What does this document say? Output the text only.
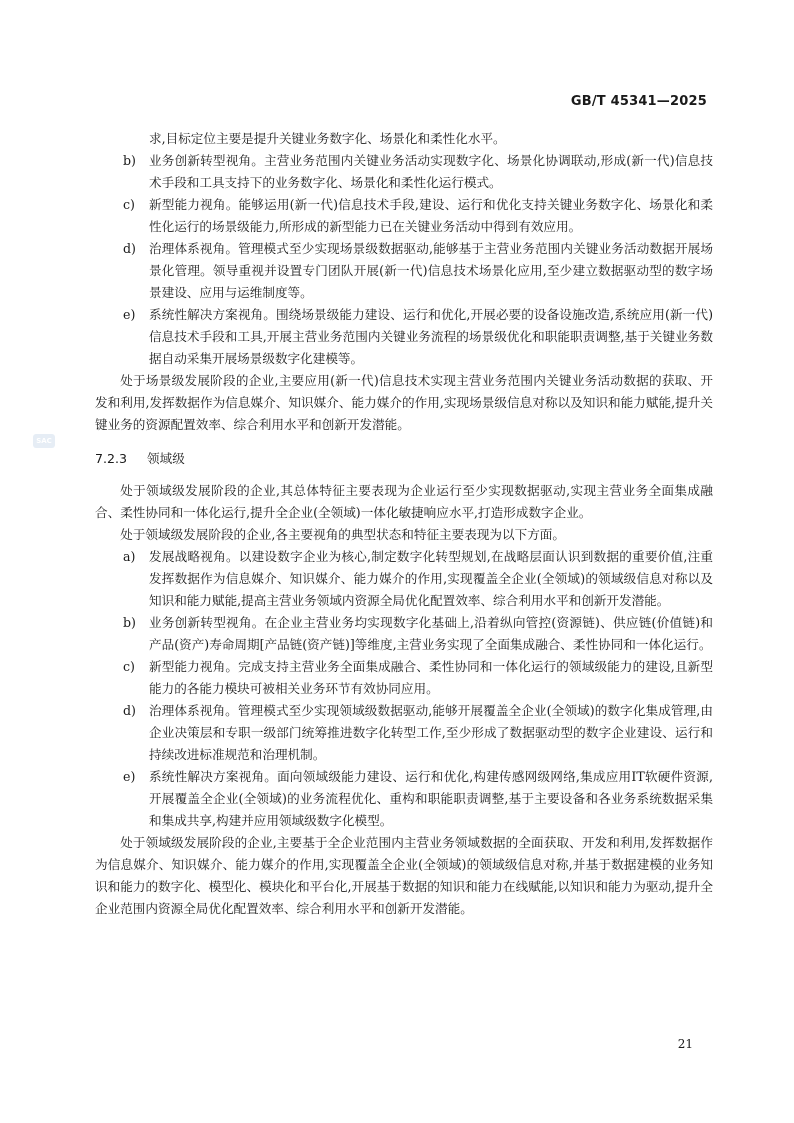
GB/T 45341—2025
SAC

求,目标定位主要是提升关键业务数字化、场景化和柔性化水平。

b) 业务创新转型视角。主营业务范围内关键业务活动实现数字化、场景化协调联动,形成(新一代)信息技术手段和工具支持下的业务数字化、场景化和柔性化运行模式。
c) 新型能力视角。能够运用(新一代)信息技术手段,建设、运行和优化支持关键业务数字化、场景化和柔性化运行的场景级能力,所形成的新型能力已在关键业务活动中得到有效应用。
d) 治理体系视角。管理模式至少实现场景级数据驱动,能够基于主营业务范围内关键业务活动数据开展场景化管理。领导重视并设置专门团队开展(新一代)信息技术场景化应用,至少建立数据驱动型的数字场景建设、应用与运维制度等。
e) 系统性解决方案视角。围绕场景级能力建设、运行和优化,开展必要的设备设施改造,系统应用(新一代)信息技术手段和工具,开展主营业务范围内关键业务流程的场景级优化和职能职责调整,基于关键业务数据自动采集开展场景级数字化建模等。

处于场景级发展阶段的企业,主要应用(新一代)信息技术实现主营业务范围内关键业务活动数据的获取、开发和利用,发挥数据作为信息媒介、知识媒介、能力媒介的作用,实现场景级信息对称以及知识和能力赋能,提升关键业务的资源配置效率、综合利用水平和创新开发潜能。

7.2.3 领域级

处于领域级发展阶段的企业,其总体特征主要表现为企业运行至少实现数据驱动,实现主营业务全面集成融合、柔性协同和一体化运行,提升全企业(全领域)一体化敏捷响应水平,打造形成数字企业。

处于领域级发展阶段的企业,各主要视角的典型状态和特征主要表现为以下方面。

a) 发展战略视角。以建设数字企业为核心,制定数字化转型规划,在战略层面认识到数据的重要价值,注重发挥数据作为信息媒介、知识媒介、能力媒介的作用,实现覆盖全企业(全领域)的领域级信息对称以及知识和能力赋能,提高主营业务领域内资源全局优化配置效率、综合利用水平和创新开发潜能。
b) 业务创新转型视角。在企业主营业务均实现数字化基础上,沿着纵向管控(资源链)、供应链(价值链)和产品(资产)寿命周期[产品链(资产链)]等维度,主营业务实现了全面集成融合、柔性协同和一体化运行。
c) 新型能力视角。完成支持主营业务全面集成融合、柔性协同和一体化运行的领域级能力的建设,且新型能力的各能力模块可被相关业务环节有效协同应用。
d) 治理体系视角。管理模式至少实现领域级数据驱动,能够开展覆盖全企业(全领域)的数字化集成管理,由企业决策层和专职一级部门统筹推进数字化转型工作,至少形成了数据驱动型的数字企业建设、运行和持续改进标准规范和治理机制。
e) 系统性解决方案视角。面向领域级能力建设、运行和优化,构建传感网级网络,集成应用IT软硬件资源,开展覆盖全企业(全领域)的业务流程优化、重构和职能职责调整,基于主要设备和各业务系统数据采集和集成共享,构建并应用领域级数字化模型。

处于领域级发展阶段的企业,主要基于全企业范围内主营业务领域数据的全面获取、开发和利用,发挥数据作为信息媒介、知识媒介、能力媒介的作用,实现覆盖全企业(全领域)的领域级信息对称,并基于数据建模的业务知识和能力的数字化、模型化、模块化和平台化,开展基于数据的知识和能力在线赋能,以知识和能力为驱动,提升全企业范围内资源全局优化配置效率、综合利用水平和创新开发潜能。

21
